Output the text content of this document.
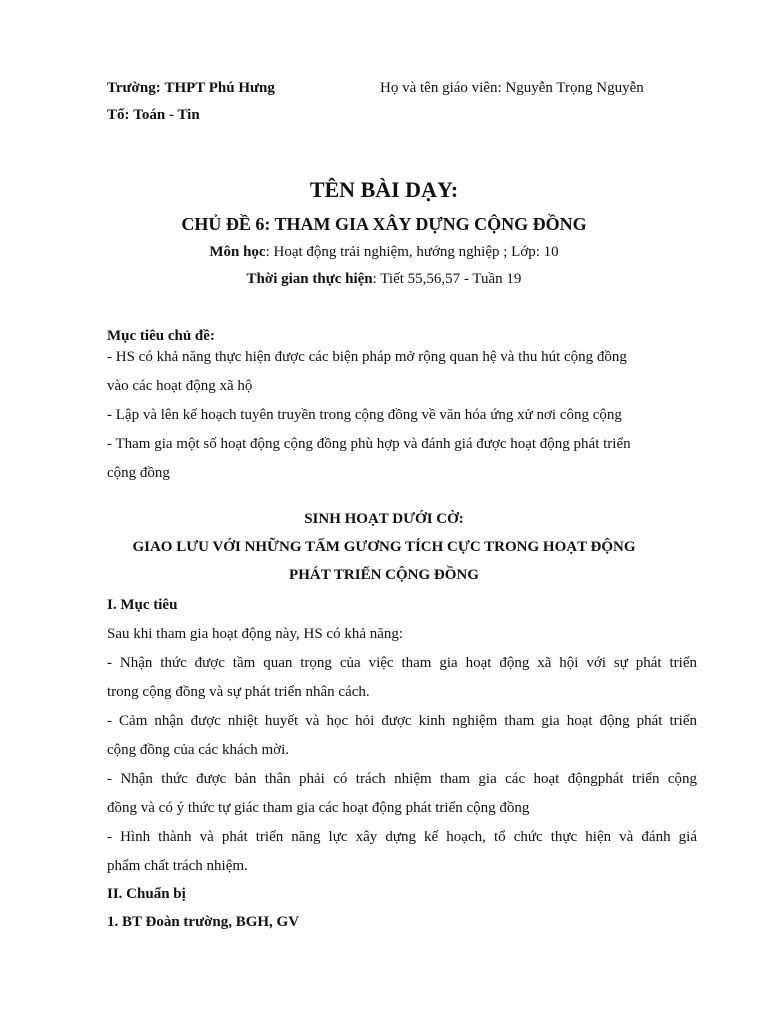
Trường: THPT Phú Hưng	Họ và tên giáo viên: Nguyễn Trọng Nguyễn
Tổ: Toán - Tin
TÊN BÀI DẠY:
CHỦ ĐỀ 6: THAM GIA XÂY DỰNG CỘNG ĐỒNG
Môn học: Hoạt động trải nghiệm, hướng nghiệp ; Lớp: 10
Thời gian thực hiện: Tiết 55,56,57 - Tuần 19
Mục tiêu chủ đề:
- HS có khả năng thực hiện được các biện pháp mở rộng quan hệ và thu hút cộng đồng
vào các hoạt động xã hộ
- Lập và lên kế hoạch tuyên truyền trong cộng đồng về văn hóa ứng xử nơi công cộng
- Tham gia một số hoạt động cộng đồng phù hợp và đánh giá được hoạt động phát triển
cộng đồng
SINH HOẠT DƯỚI CỜ:
GIAO LƯU VỚI NHỮNG TẤM GƯƠNG TÍCH CỰC TRONG HOẠT ĐỘNG
PHÁT TRIỂN CỘNG ĐỒNG
I. Mục tiêu
Sau khi tham gia hoạt động này, HS có khả năng:
- Nhận thức được tầm quan trọng của việc tham gia hoạt động xã hội với sự phát triển
trong cộng đồng và sự phát triển nhân cách.
- Cảm nhận được nhiệt huyết và học hỏi được kinh nghiệm tham gia hoạt động phát triển
cộng đồng của các khách mời.
- Nhận thức được bản thân phải có trách nhiệm tham gia các hoạt độngphát triển cộng
đồng và có ý thức tự giác tham gia các hoạt động phát triển cộng đồng
- Hình thành và phát triển năng lực xây dựng kế hoạch, tổ chức thực hiện và đánh giá
phẩm chất trách nhiệm.
II. Chuẩn bị
1. BT Đoàn trường, BGH, GV
